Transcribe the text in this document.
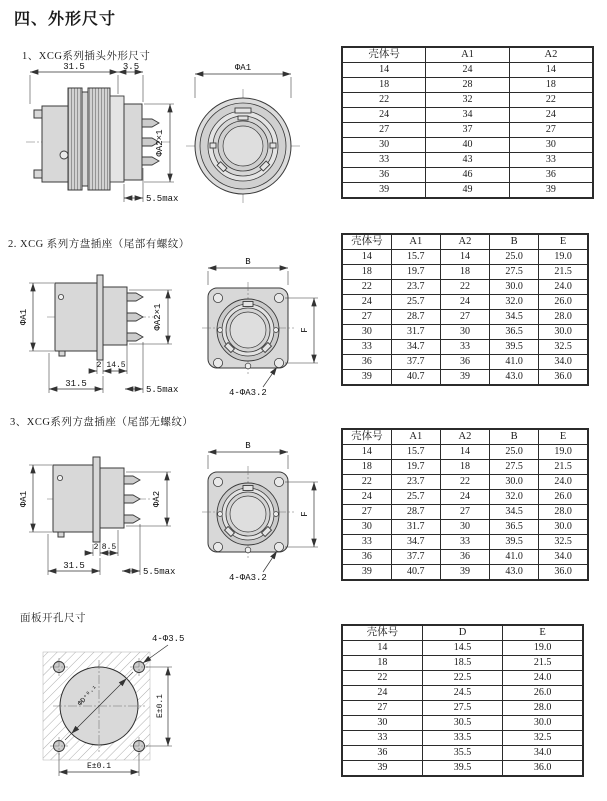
四、外形尺寸
1、XCG系列插头外形尺寸
31.5	3.5
ΦA2×1
5.5max
ΦA1
壳体号	A1	A2
14	24	14
18	28	18
22	32	22
24	34	24
27	37	27
30	40	30
33	43	33
36	46	36
39	49	39
2. XCG 系列方盘插座（尾部有螺纹）
ΦA1	ΦA2×1
2 14.5
31.5
5.5max
B
F
4-ΦA3.2
壳体号	A1	A2	B	E
14	15.7	14	25.0	19.0
18	19.7	18	27.5	21.5
22	23.7	22	30.0	24.0
24	25.7	24	32.0	26.0
27	28.7	27	34.5	28.0
30	31.7	30	36.5	30.0
33	34.7	33	39.5	32.5
36	37.7	36	41.0	34.0
39	40.7	39	43.0	36.0
3、XCG系列方盘插座（尾部无螺纹）
ΦA1	ΦA2
2 8.5
31.5
5.5max
B
F
4-ΦA3.2
壳体号	A1	A2	B	E
14	15.7	14	25.0	19.0
18	19.7	18	27.5	21.5
22	23.7	22	30.0	24.0
24	25.7	24	32.0	26.0
27	28.7	27	34.5	28.0
30	31.7	30	36.5	30.0
33	34.7	33	39.5	32.5
36	37.7	36	41.0	34.0
39	40.7	39	43.0	36.0
面板开孔尺寸
ΦD⁺⁰·¹
4-Φ3.5
E±0.1
E±0.1
壳体号	D	E
14	14.5	19.0
18	18.5	21.5
22	22.5	24.0
24	24.5	26.0
27	27.5	28.0
30	30.5	30.0
33	33.5	32.5
36	35.5	34.0
39	39.5	36.0
